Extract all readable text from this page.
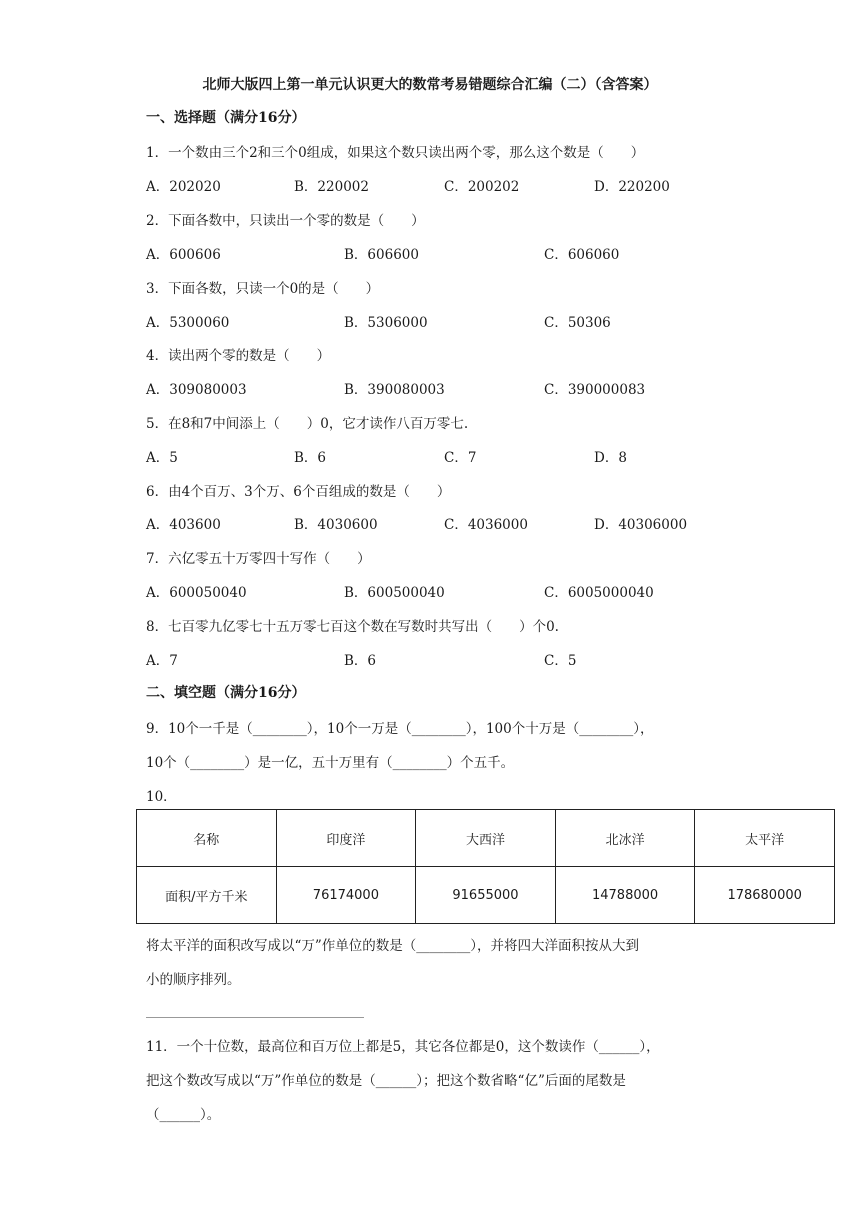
北师大版四上第一单元认识更大的数常考易错题综合汇编（二）（含答案）
一、选择题（满分16分）
1．一个数由三个2和三个0组成，如果这个数只读出两个零，那么这个数是（　　）
A．202020	B．220002	C．200202	D．220200
2．下面各数中，只读出一个零的数是（　　）
A．600606	B．606600	C．606060
3．下面各数，只读一个0的是（　　）
A．5300060	B．5306000	C．50306
4．读出两个零的数是（　　）
A．309080003	B．390080003	C．390000083
5．在8和7中间添上（　　）0，它才读作八百万零七.
A．5	B．6	C．7	D．8
6．由4个百万、3个万、6个百组成的数是（　　）
A．403600	B．4030600	C．4036000	D．40306000
7．六亿零五十万零四十写作（　　）
A．600050040	B．600500040	C．6005000040
8．七百零九亿零七十五万零七百这个数在写数时共写出（　　）个0.
A．7	B．6	C．5
二、填空题（满分16分）
9．10个一千是（________），10个一万是（________），100个十万是（________），
10个（________）是一亿，五十万里有（________）个五千。
10．
名称	印度洋	大西洋	北冰洋	太平洋
面积/平方千米	76174000	91655000	14788000	178680000
将太平洋的面积改写成以“万”作单位的数是（________），并将四大洋面积按从大到
小的顺序排列。
11．一个十位数，最高位和百万位上都是5，其它各位都是0，这个数读作（______），
把这个数改写成以“万”作单位的数是（______）；把这个数省略“亿”后面的尾数是
（______）。
